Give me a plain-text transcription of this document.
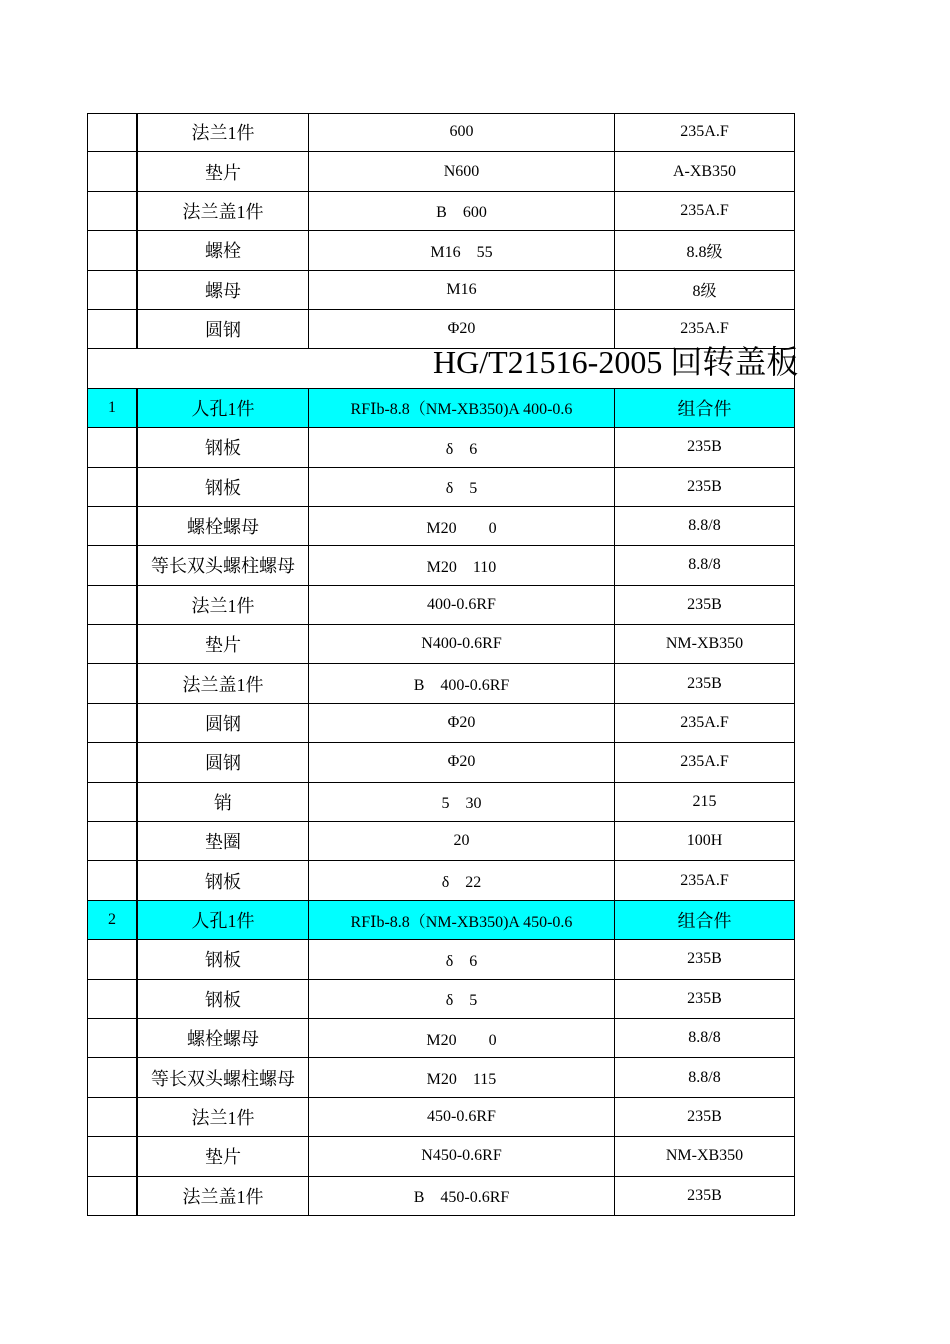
法兰1件	600	235A.F
垫片	N600	A-XB350
法兰盖1件	B　600	235A.F
螺栓	M16　55	8.8级
螺母	M16	8级
圆钢	Φ20	235A.F
HG/T21516-2005 回转盖板
1	人孔1件	RFⅠb-8.8（NM-XB350)A 400-0.6	组合件
钢板	δ　6	235B
钢板	δ　5	235B
螺栓螺母	M20　　0	8.8/8
等长双头螺柱螺母	M20　110	8.8/8
法兰1件	400-0.6RF	235B
垫片	N400-0.6RF	NM-XB350
法兰盖1件	B　400-0.6RF	235B
圆钢	Φ20	235A.F
圆钢	Φ20	235A.F
销	5　30	215
垫圈	20	100H
钢板	δ　22	235A.F
2	人孔1件	RFⅠb-8.8（NM-XB350)A 450-0.6	组合件
钢板	δ　6	235B
钢板	δ　5	235B
螺栓螺母	M20　　0	8.8/8
等长双头螺柱螺母	M20　115	8.8/8
法兰1件	450-0.6RF	235B
垫片	N450-0.6RF	NM-XB350
法兰盖1件	B　450-0.6RF	235B
